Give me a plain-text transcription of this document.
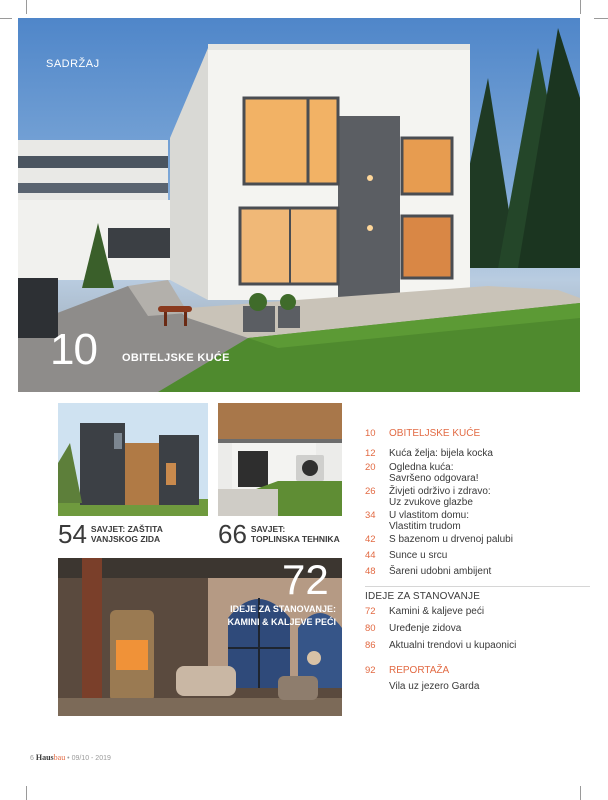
SADRŽAJ
10 OBITELJSKE KUĆE
54 SAVJET: ZAŠTITA
VANJSKOG ZIDA 66 SAVJET:
TOPLINSKA TEHNIKA
72
IDEJE ZA STANOVANJE:
KAMINI & KALJEVE PEĆI
10	OBITELJSKE KUĆE
12	Kuća želja: bijela kocka
20	Ogledna kuća:
Savršeno odgovara!
26	Živjeti održivo i zdravo:
Uz zvukove glazbe
34	U vlastitom domu:
Vlastitim trudom
42	S bazenom u drvenoj palubi
44	Sunce u srcu
48	Šareni udobni ambijent
IDEJE ZA STANOVANJE
72	Kamini & kaljeve peći
80	Uređenje zidova
86	Aktualni trendovi u kupaonici
92	REPORTAŽA
Vila uz jezero Garda
6 Hausbau • 09/10 - 2019
